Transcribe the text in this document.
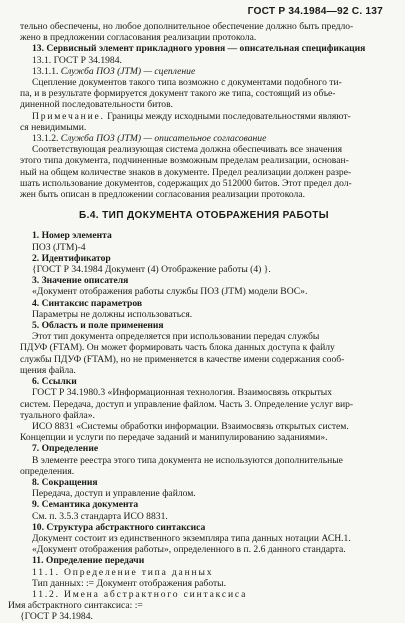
ГОСТ Р 34.1984—92 С. 137

тельно обеспечены, но любое дополнительное обеспечение должно быть предло-

жено в предложении согласования реализации протокола.

13. Сервисный элемент прикладного уровня — описательная спецификация

13.1. ГОСТ Р 34.1984.

13.1.1. Служба ПОЗ (JTM) — сцепление

Сцепление документов такого типа возможно с документами подобного ти-

па, и в результате формируется документ такого же типа, состоящий из объе-

диненной последовательности битов.

Примечание. Границы между исходными последовательностями являют-

ся невидимыми.

13.1.2. Служба ПОЗ (JTM) — описательное согласование

Соответствующая реализующая система должна обеспечивать все значения

этого типа документа, подчиненные возможным пределам реализации, основан-

ный на общем количестве знаков в документе. Предел реализации должен разре-

шать использование документов, содержащих до 512000 битов. Этот предел дол-

жен быть описан в предложении согласования реализации протокола.

Б.4. ТИП ДОКУМЕНТА ОТОБРАЖЕНИЯ РАБОТЫ

1. Номер элемента

ПОЗ (JTM)-4

2. Идентификатор

{ГОСТ Р 34.1984 Документ (4) Отображение работы (4) }.

3. Значение описателя

«Документ отображения работы службы ПОЗ (JTM) модели ВОС».

4. Синтаксис параметров

Параметры не должны использоваться.

5. Область и поле применения

Этот тип документа определяется при использовании передач службы

ПДУФ (FTAM). Он может формировать часть блока данных доступа к файлу

службы ПДУФ (FTAM), но не применяется в качестве имени содержания сооб-

щения файла.

6. Ссылки

ГОСТ Р 34.1980.3 «Информационная технология. Взаимосвязь открытых

систем. Передача, доступ и управление файлом. Часть 3. Определение услуг вир-

туального файла».

ИСО 8831 «Системы обработки информации. Взаимосвязь открытых систем.

Концепции и услуги по передаче заданий и манипулированию заданиями».

7. Определение

В элементе реестра этого типа документа не используются дополнительные

определения.

8. Сокращения

Передача, доступ и управление файлом.

9. Семантика документа

См. п. 3.5.3 стандарта ИСО 8831.

10. Структура абстрактного синтаксиса

Документ состоит из единственного экземпляра типа данных нотации АСН.1.

«Документ отображения работы», определенного в п. 2.6 данного стандарта.

11. Определение передачи

11.1. Определение типа данных

Тип данных: := Документ отображения работы.

11.2. Имена абстрактного синтаксиса

Имя абстрактного синтаксиса: :=

{ГОСТ Р 34.1984.
